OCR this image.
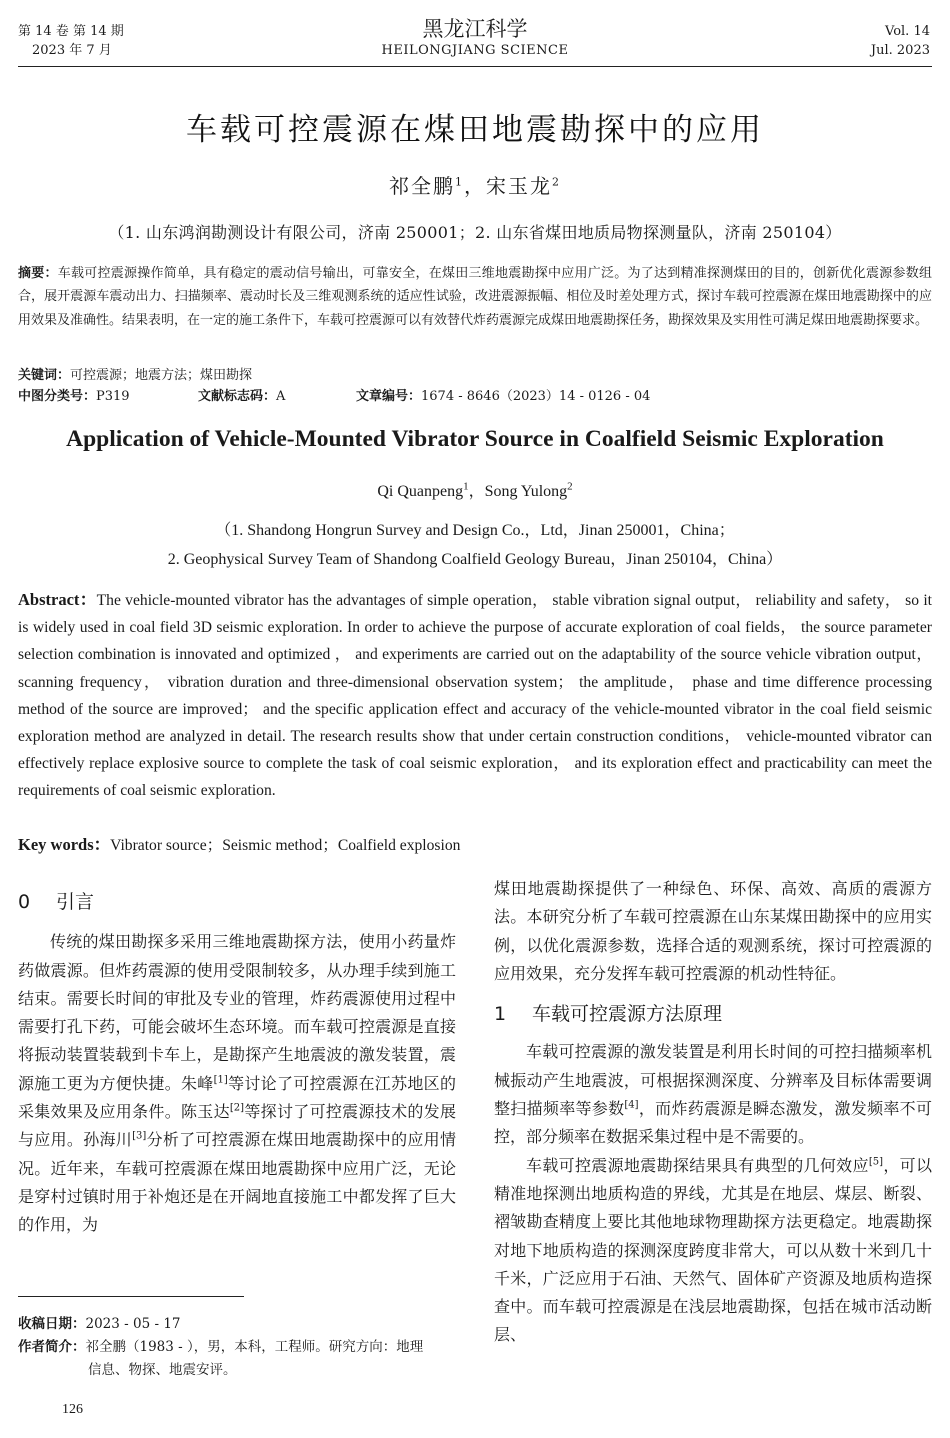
第 14 卷 第 14 期
2023 年 7 月
黑龙江科学
HEILONGJIANG SCIENCE
Vol. 14
Jul. 2023
车载可控震源在煤田地震勘探中的应用
祁全鹏$^1$，宋玉龙$^2$
（1. 山东鸿润勘测设计有限公司，济南 250001；2. 山东省煤田地质局物探测量队，济南 250104）
摘要：车载可控震源操作简单，具有稳定的震动信号输出，可靠安全，在煤田三维地震勘探中应用广泛。为了达到精准探测煤田的目的，创新优化震源参数组合，展开震源车震动出力、扫描频率、震动时长及三维观测系统的适应性试验，改进震源振幅、相位及时差处理方式，探讨车载可控震源在煤田地震勘探中的应用效果及准确性。结果表明，在一定的施工条件下，车载可控震源可以有效替代炸药震源完成煤田地震勘探任务，勘探效果及实用性可满足煤田地震勘探要求。
关键词：可控震源；地震方法；煤田勘探
中图分类号：P319	文献标志码：A	文章编号：1674 - 8646（2023）14 - 0126 - 04
Application of Vehicle-Mounted Vibrator Source in Coalfield Seismic Exploration
Qi Quanpeng$^1$，Song Yulong$^2$
（1. Shandong Hongrun Survey and Design Co.，Ltd，Jinan 250001，China；
2. Geophysical Survey Team of Shandong Coalfield Geology Bureau，Jinan 250104，China）
Abstract：The vehicle-mounted vibrator has the advantages of simple operation， stable vibration signal output， reliability and safety， so it is widely used in coal field 3D seismic exploration. In order to achieve the purpose of accurate exploration of coal fields， the source parameter selection combination is innovated and optimized ， and experiments are carried out on the adaptability of the source vehicle vibration output， scanning frequency， vibration duration and three-dimensional observation system； the amplitude， phase and time difference processing method of the source are improved； and the specific application effect and accuracy of the vehicle-mounted vibrator in the coal field seismic exploration method are analyzed in detail. The research results show that under certain construction conditions， vehicle-mounted vibrator can effectively replace explosive source to complete the task of coal seismic exploration， and its exploration effect and practicability can meet the requirements of coal seismic exploration.
Key words：Vibrator source；Seismic method；Coalfield explosion
0 引言

传统的煤田勘探多采用三维地震勘探方法，使用小药量炸药做震源。但炸药震源的使用受限制较多，从办理手续到施工结束。需要长时间的审批及专业的管理，炸药震源使用过程中需要打孔下药，可能会破坏生态环境。而车载可控震源是直接将振动装置装载到卡车上，是勘探产生地震波的激发装置，震源施工更为方便快捷。朱峰[1]等讨论了可控震源在江苏地区的采集效果及应用条件。陈玉达[2]等探讨了可控震源技术的发展与应用。孙海川[3]分析了可控震源在煤田地震勘探中的应用情况。近年来，车载可控震源在煤田地震勘探中应用广泛，无论是穿村过镇时用于补炮还是在开阔地直接施工中都发挥了巨大的作用，为

煤田地震勘探提供了一种绿色、环保、高效、高质的震源方法。本研究分析了车载可控震源在山东某煤田勘探中的应用实例，以优化震源参数，选择合适的观测系统，探讨可控震源的应用效果，充分发挥车载可控震源的机动性特征。

1 车载可控震源方法原理

车载可控震源的激发装置是利用长时间的可控扫描频率机械振动产生地震波，可根据探测深度、分辨率及目标体需要调整扫描频率等参数[4]，而炸药震源是瞬态激发，激发频率不可控，部分频率在数据采集过程中是不需要的。

车载可控震源地震勘探结果具有典型的几何效应[5]，可以精准地探测出地质构造的界线，尤其是在地层、煤层、断裂、褶皱勘查精度上要比其他地球物理勘探方法更稳定。地震勘探对地下地质构造的探测深度跨度非常大，可以从数十米到几十千米，广泛应用于石油、天然气、固体矿产资源及地质构造探查中。而车载可控震源是在浅层地震勘探，包括在城市活动断层、

收稿日期：2023 - 05 - 17
作者简介：祁全鹏（1983 - ），男，本科，工程师。研究方向：地理
信息、物探、地震安评。
126
